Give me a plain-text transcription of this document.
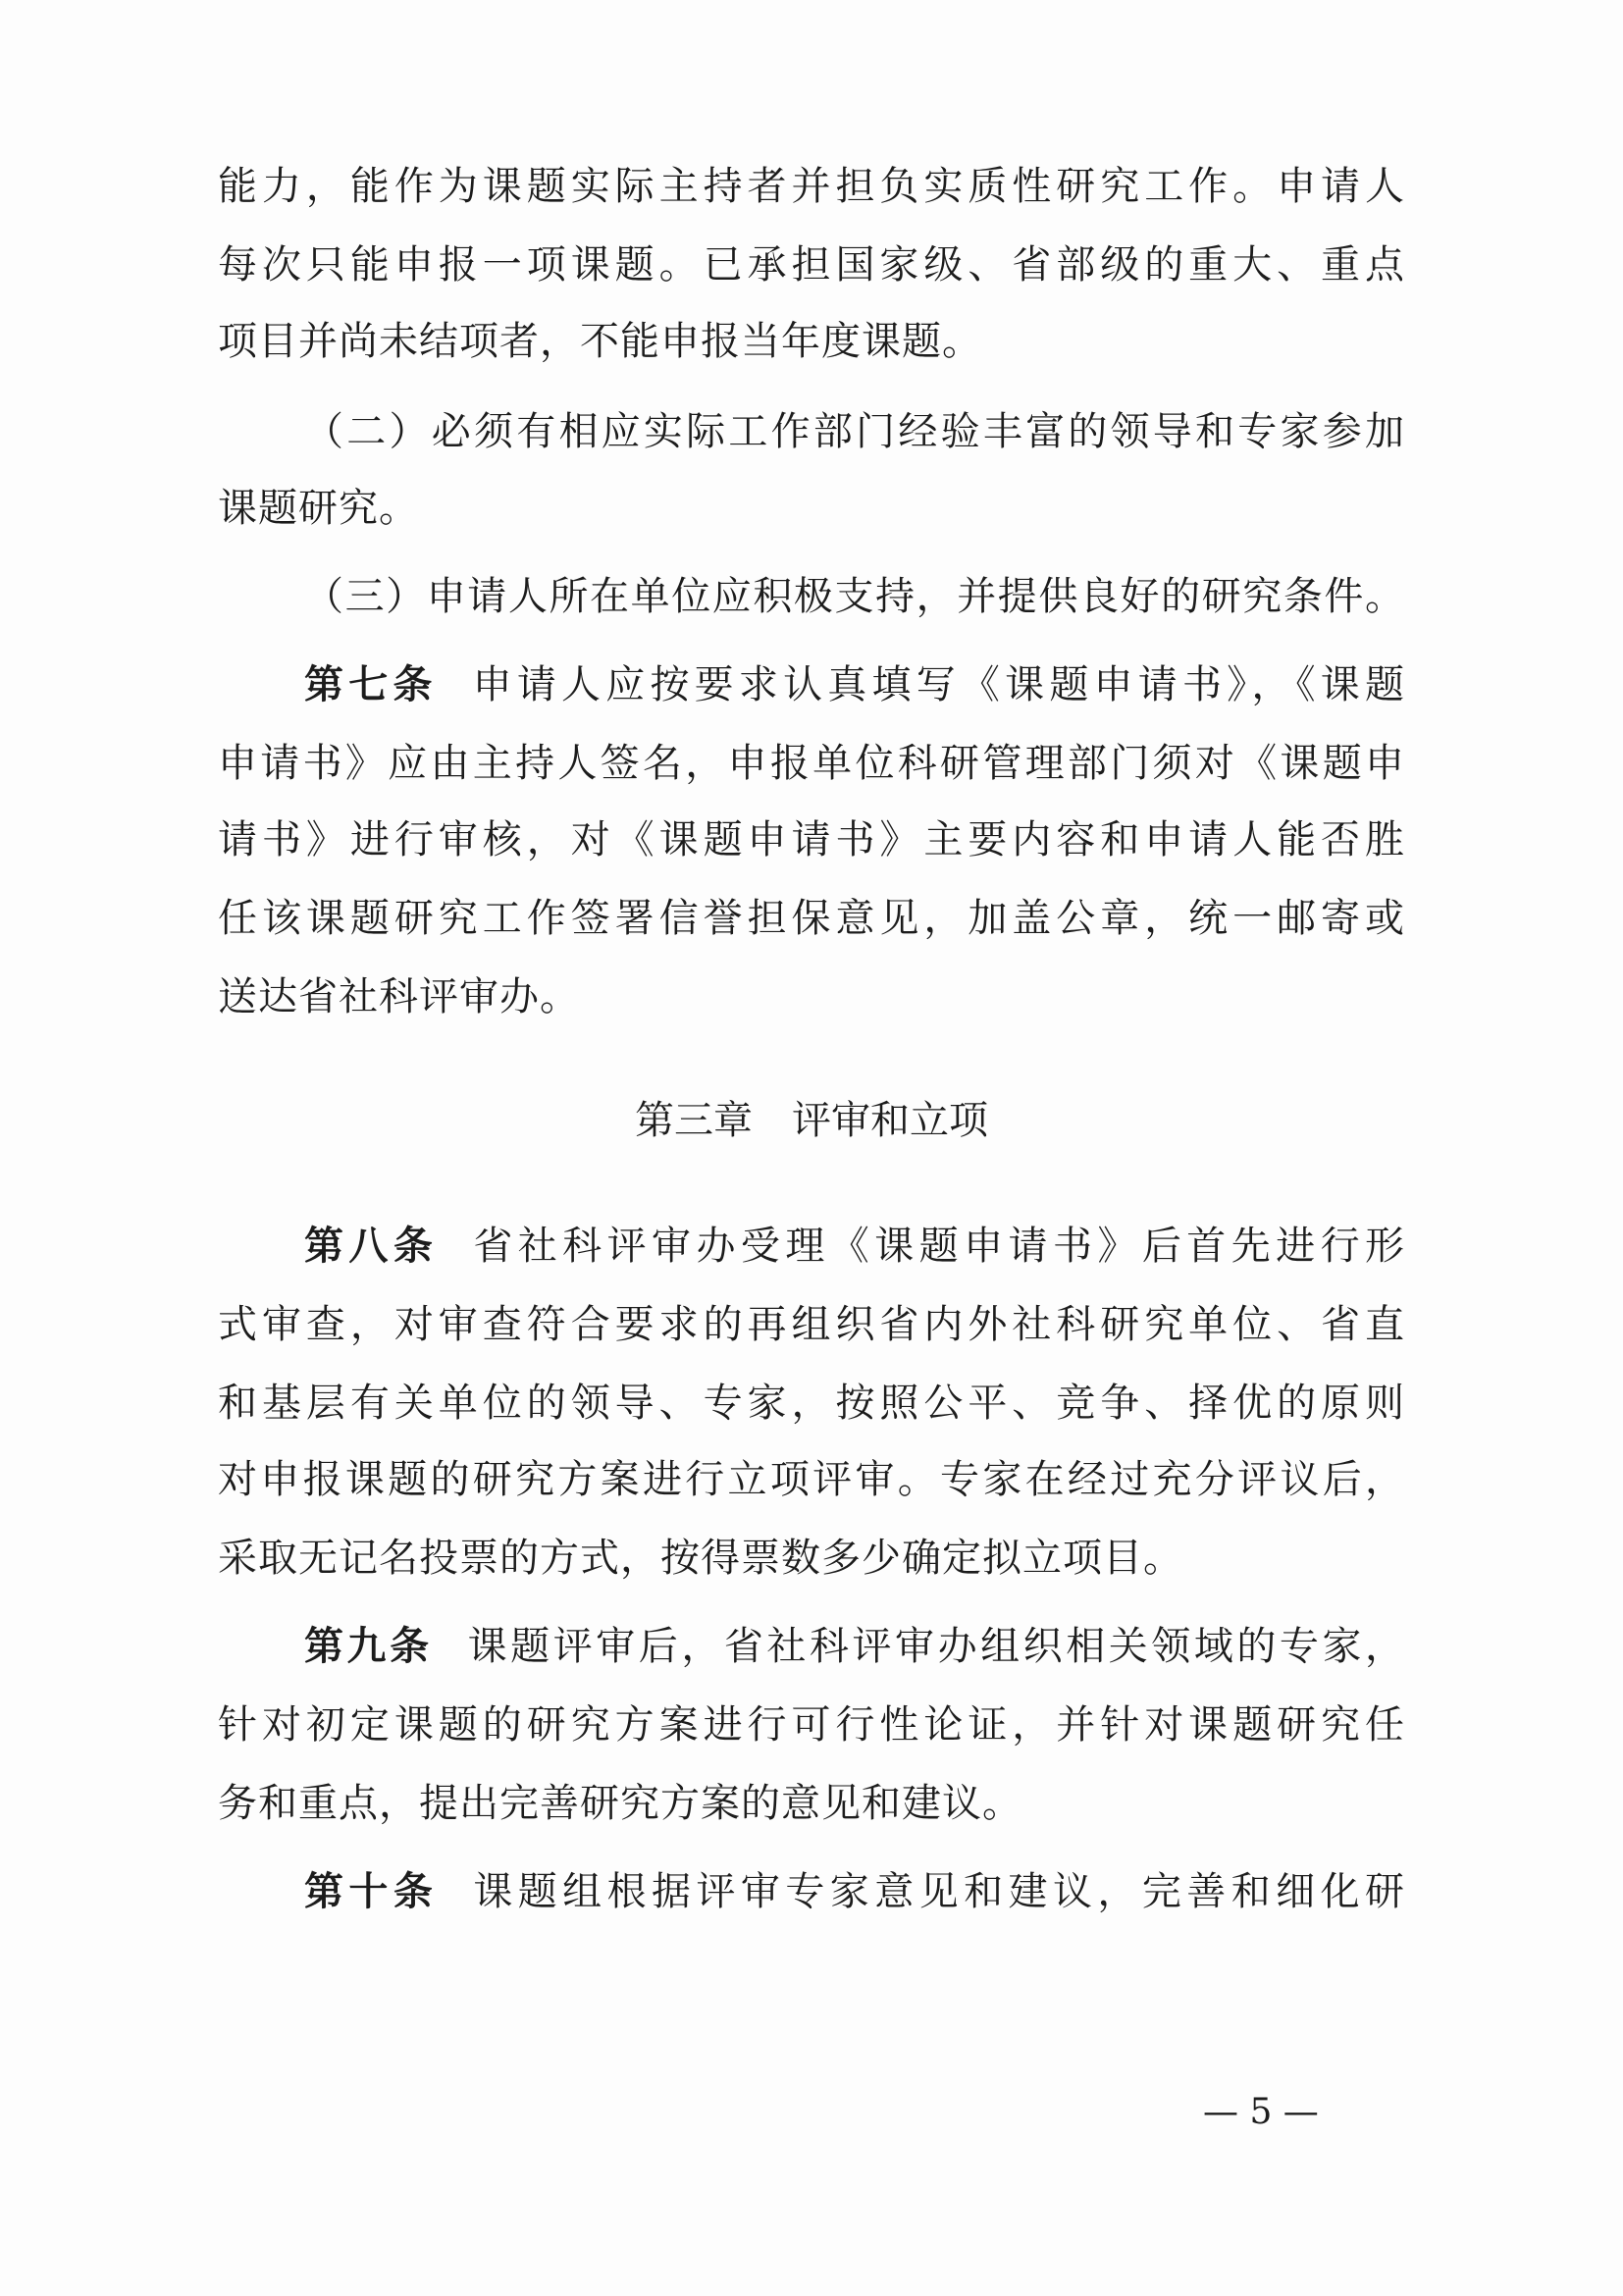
能力，能作为课题实际主持者并担负实质性研究工作。申请人
每次只能申报一项课题。已承担国家级、省部级的重大、重点
项目并尚未结项者，不能申报当年度课题。
（二）必须有相应实际工作部门经验丰富的领导和专家参加
课题研究。
（三）申请人所在单位应积极支持，并提供良好的研究条件。
第七条 申请人应按要求认真填写《课题申请书》，《课题
申请书》应由主持人签名，申报单位科研管理部门须对《课题申
请书》进行审核，对《课题申请书》主要内容和申请人能否胜
任该课题研究工作签署信誉担保意见，加盖公章，统一邮寄或
送达省社科评审办。
第三章　评审和立项
第八条 省社科评审办受理《课题申请书》后首先进行形
式审查，对审查符合要求的再组织省内外社科研究单位、省直
和基层有关单位的领导、专家，按照公平、竞争、择优的原则
对申报课题的研究方案进行立项评审。专家在经过充分评议后，
采取无记名投票的方式，按得票数多少确定拟立项目。
第九条 课题评审后，省社科评审办组织相关领域的专家，
针对初定课题的研究方案进行可行性论证，并针对课题研究任
务和重点，提出完善研究方案的意见和建议。
第十条 课题组根据评审专家意见和建议，完善和细化研
— 5 —
